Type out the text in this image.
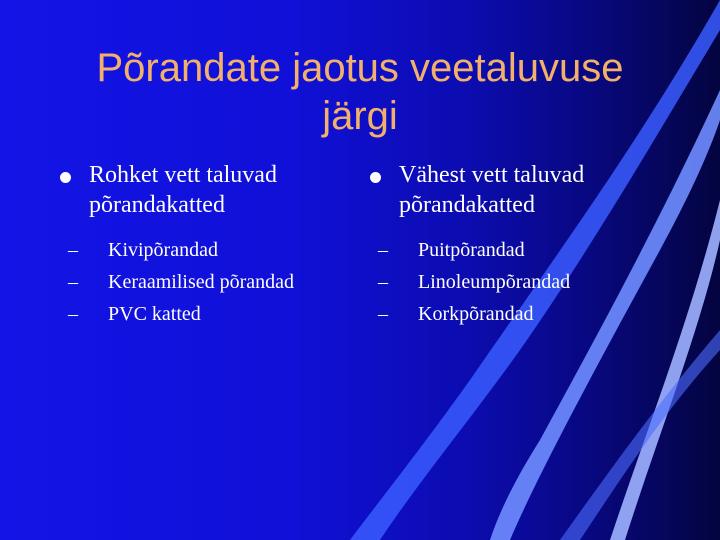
Põrandate jaotus veetaluvuse
järgi
Rohket vett taluvad
põrandakatted
–	Kivipõrandad
–	Keraamilised põrandad
–	PVC katted
Vähest vett taluvad
põrandakatted
–	Puitpõrandad
–	Linoleumpõrandad
–	Korkpõrandad
